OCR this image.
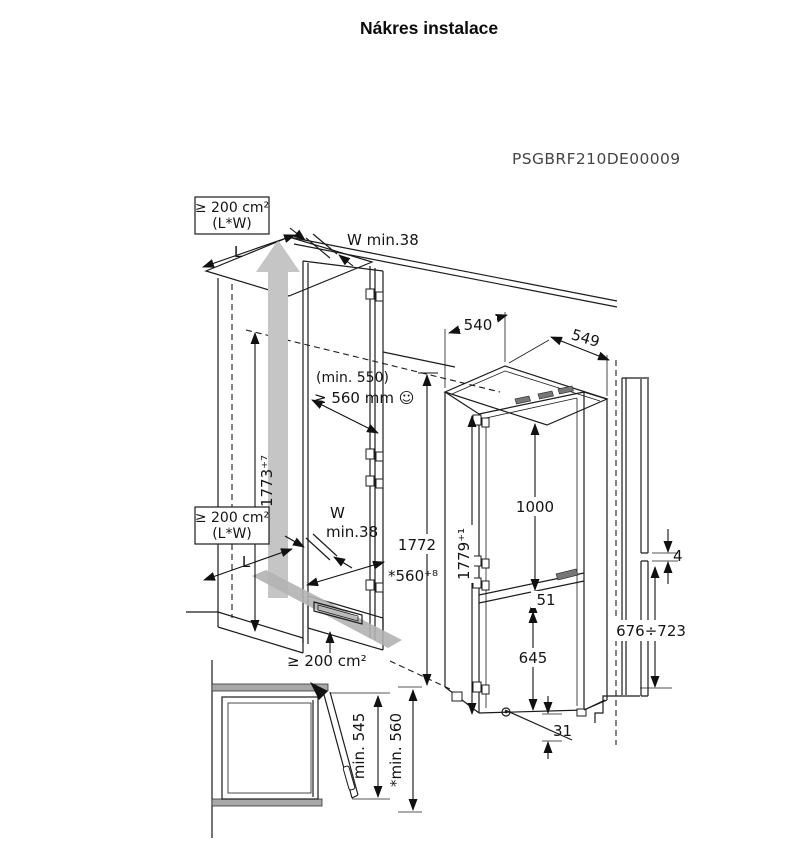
Nákres instalace
PSGBRF210DE00009
≥ 200 cm²
(L*W)
≥ 200 cm²
(L*W)
L
L
W min.38
W
min.38
(min. 550)
≥ 560 mm ☺
1773⁺⁷
*560⁺⁸
1772
≥ 200 cm²
540
549
1779⁺¹
1000
51
645
31
4
676÷723
min. 545 *min. 560
